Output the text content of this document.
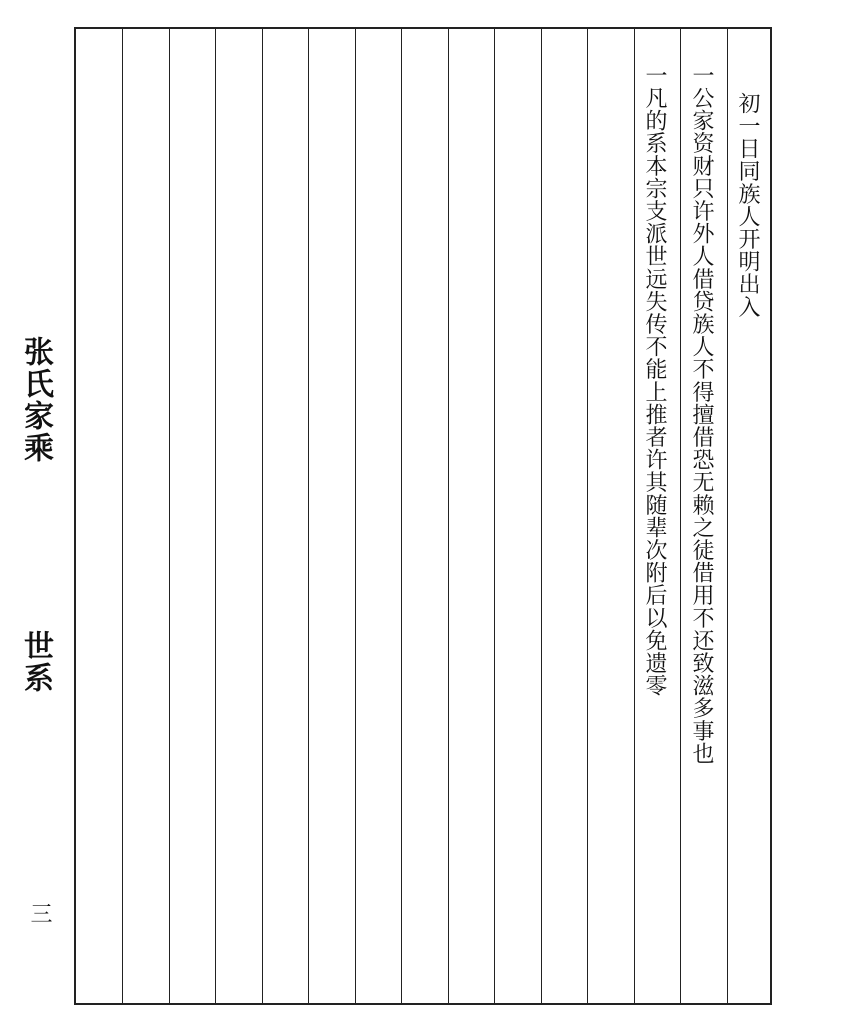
初一日同族人开明出入
一公家资财只许外人借贷族人不得擅借恐无赖之徒借用不还致滋多事也
一凡的系本宗支派世远失传不能上推者许其随辈次附后以免遗零
张氏家乘
世系
三
